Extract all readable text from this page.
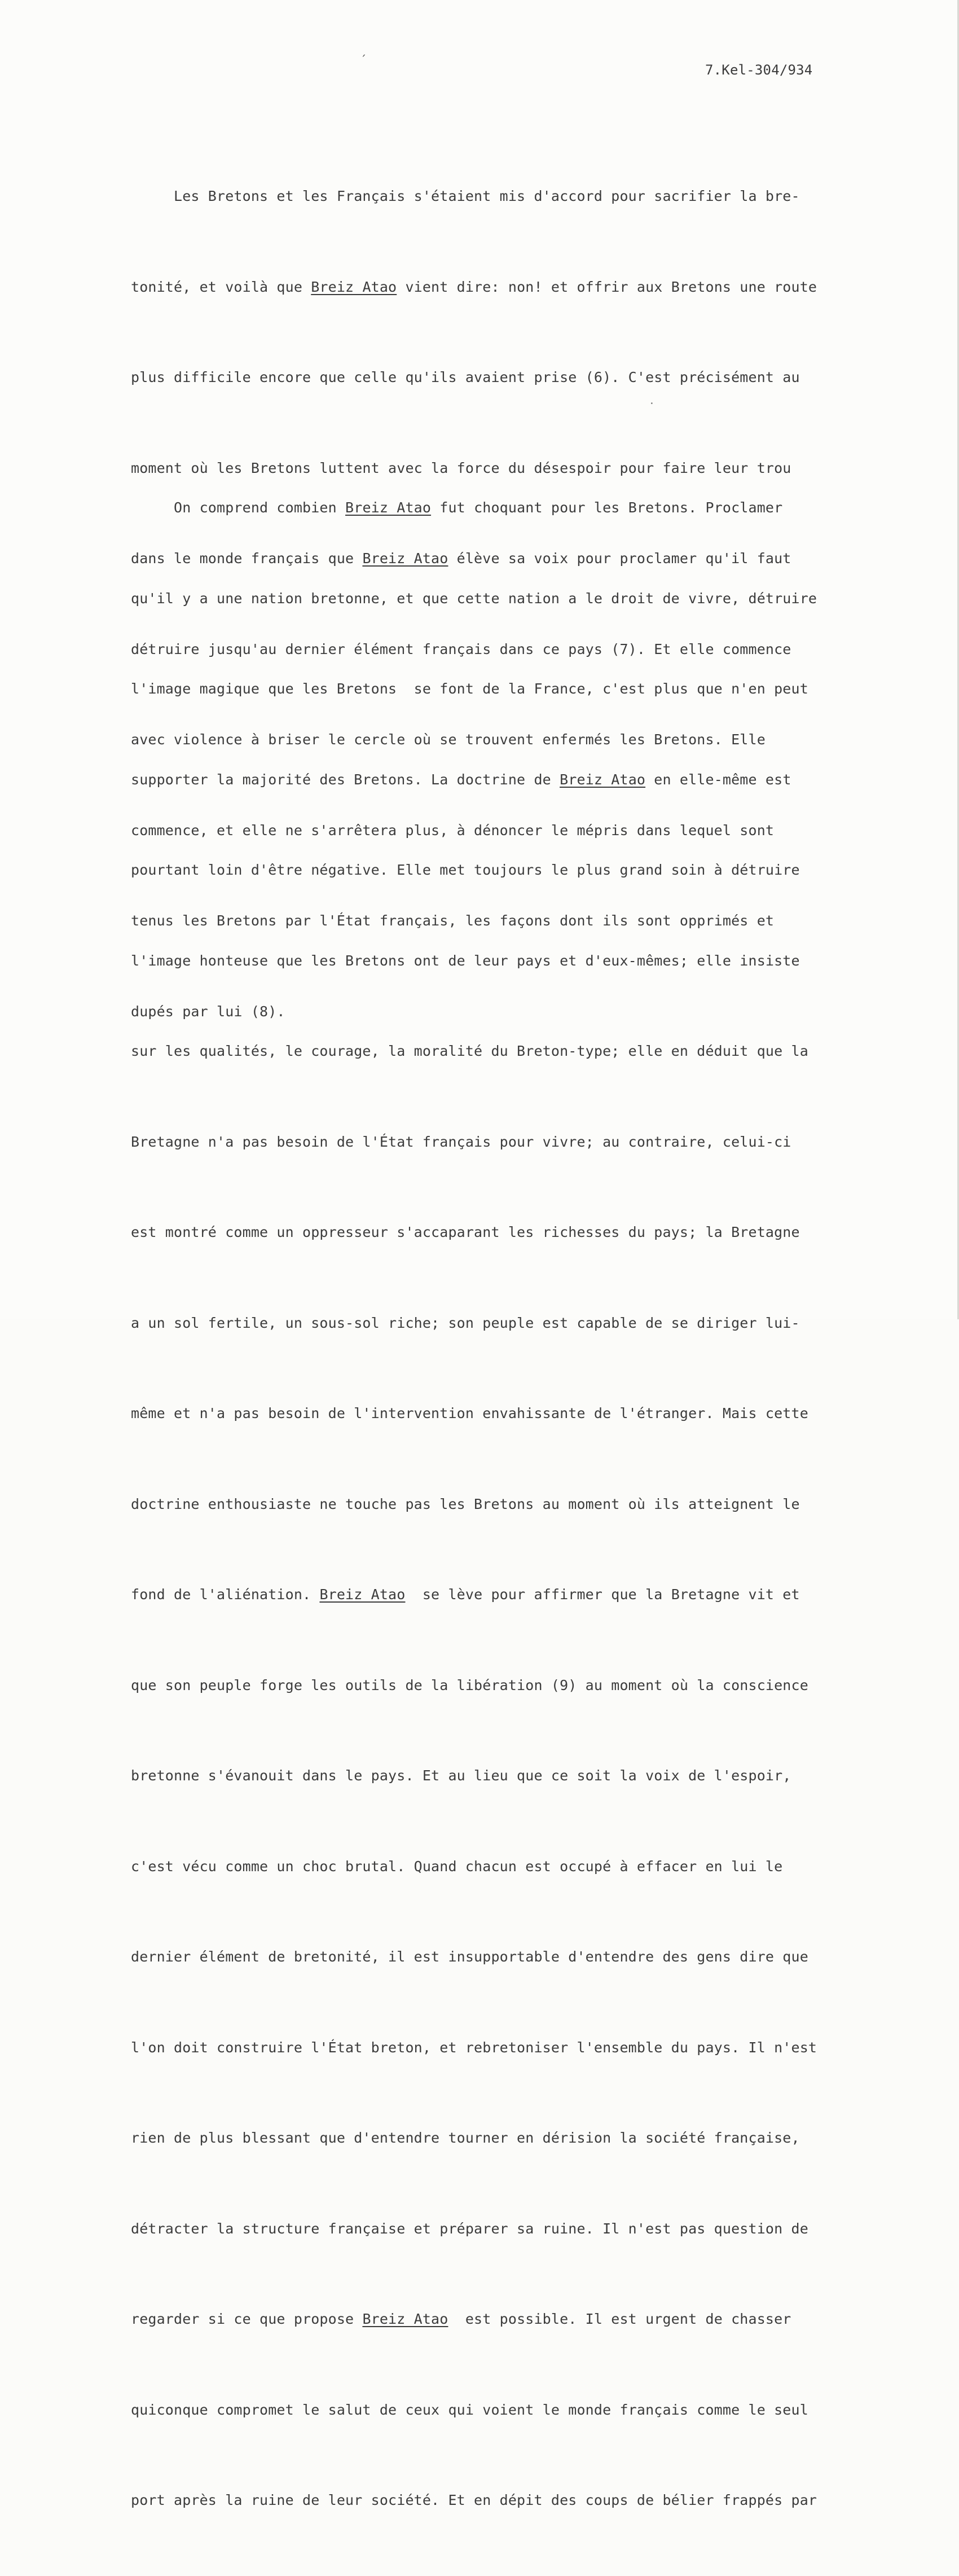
´
7.Kel-304/934
·

Les Bretons et les Français s'étaient mis d'accord pour sacrifier la bre-

tonité, et voilà que Breiz Atao vient dire: non! et offrir aux Bretons une route

plus difficile encore que celle qu'ils avaient prise (6). C'est précisément au

moment où les Bretons luttent avec la force du désespoir pour faire leur trou

dans le monde français que Breiz Atao élève sa voix pour proclamer qu'il faut

détruire jusqu'au dernier élément français dans ce pays (7). Et elle commence

avec violence à briser le cercle où se trouvent enfermés les Bretons. Elle

commence, et elle ne s'arrêtera plus, à dénoncer le mépris dans lequel sont

tenus les Bretons par l'État français, les façons dont ils sont opprimés et

dupés par lui (8).

On comprend combien Breiz Atao fut choquant pour les Bretons. Proclamer

qu'il y a une nation bretonne, et que cette nation a le droit de vivre, détruire

l'image magique que les Bretons  se font de la France, c'est plus que n'en peut

supporter la majorité des Bretons. La doctrine de Breiz Atao en elle-même est

pourtant loin d'être négative. Elle met toujours le plus grand soin à détruire

l'image honteuse que les Bretons ont de leur pays et d'eux-mêmes; elle insiste

sur les qualités, le courage, la moralité du Breton-type; elle en déduit que la

Bretagne n'a pas besoin de l'État français pour vivre; au contraire, celui-ci

est montré comme un oppresseur s'accaparant les richesses du pays; la Bretagne

a un sol fertile, un sous-sol riche; son peuple est capable de se diriger lui-

même et n'a pas besoin de l'intervention envahissante de l'étranger. Mais cette

doctrine enthousiaste ne touche pas les Bretons au moment où ils atteignent le

fond de l'aliénation. Breiz Atao  se lève pour affirmer que la Bretagne vit et

que son peuple forge les outils de la libération (9) au moment où la conscience

bretonne s'évanouit dans le pays. Et au lieu que ce soit la voix de l'espoir,

c'est vécu comme un choc brutal. Quand chacun est occupé à effacer en lui le

dernier élément de bretonité, il est insupportable d'entendre des gens dire que

l'on doit construire l'État breton, et rebretoniser l'ensemble du pays. Il n'est

rien de plus blessant que d'entendre tourner en dérision la société française,

détracter la structure française et préparer sa ruine. Il n'est pas question de

regarder si ce que propose Breiz Atao  est possible. Il est urgent de chasser

quiconque compromet le salut de ceux qui voient le monde français comme le seul

port après la ruine de leur société. Et en dépit des coups de bélier frappés par
